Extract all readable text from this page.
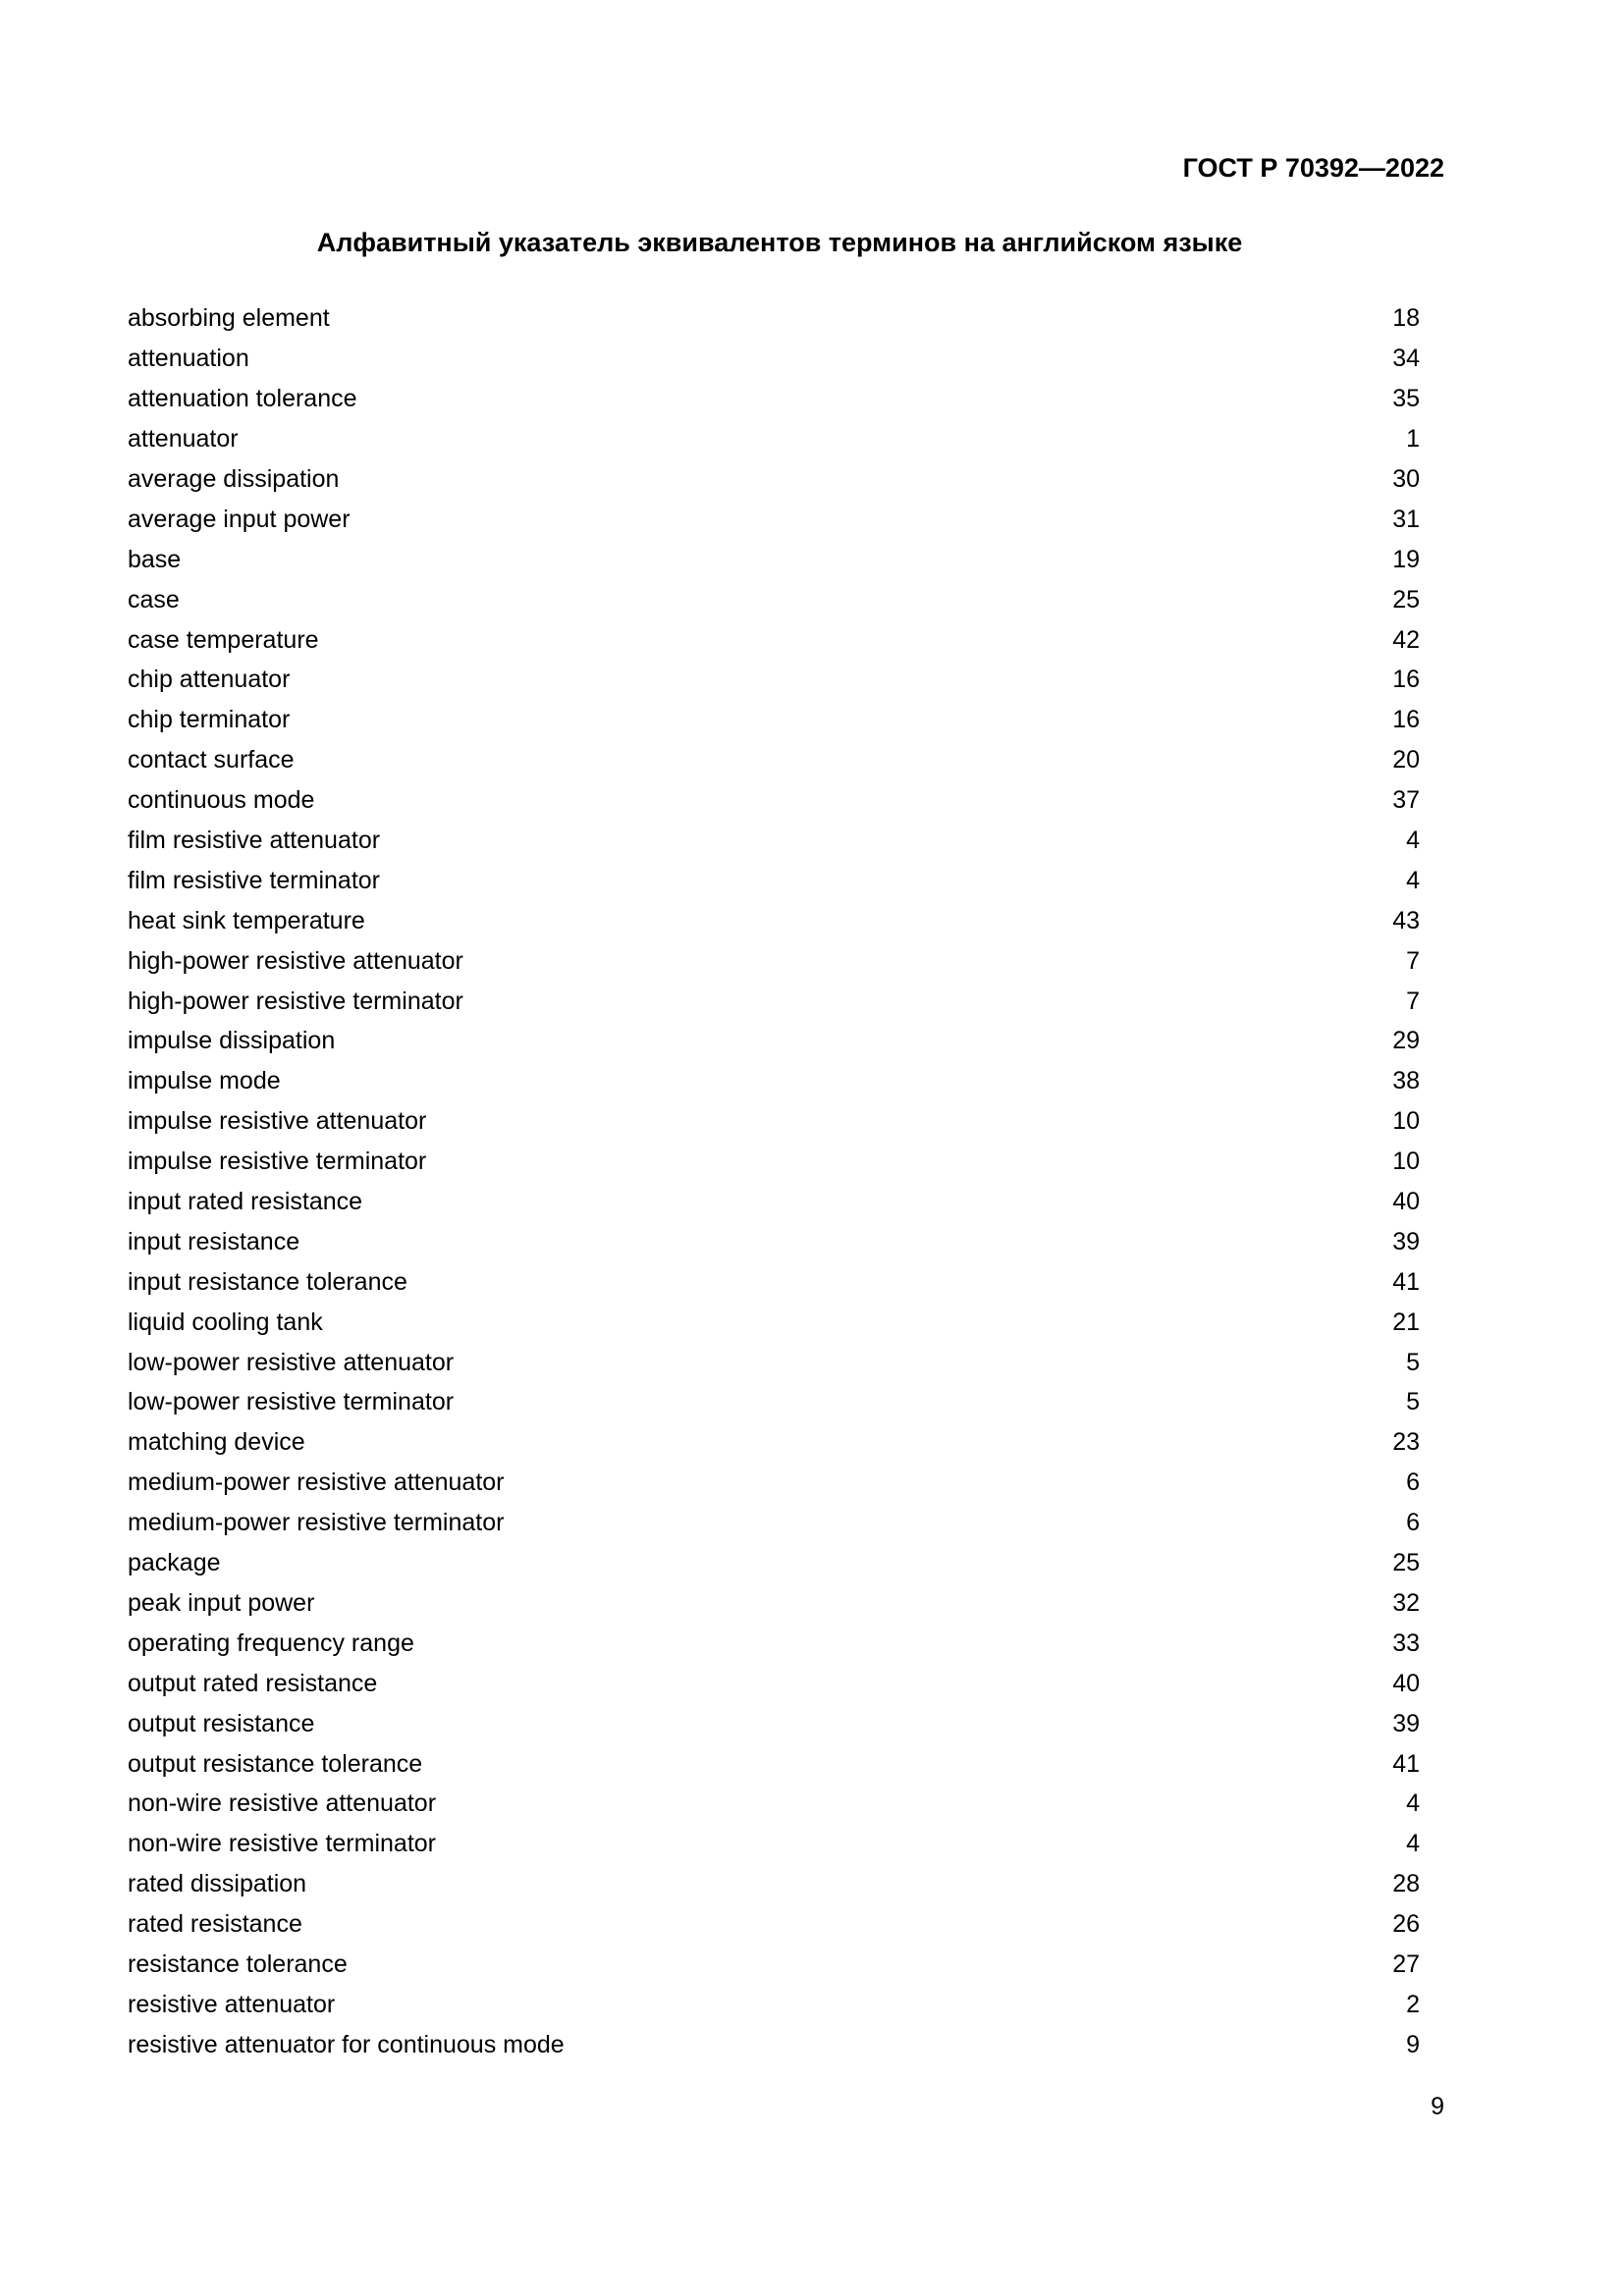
ГОСТ Р 70392—2022
Алфавитный указатель эквивалентов терминов на английском языке
absorbing element	18
attenuation	34
attenuation tolerance	35
attenuator	1
average dissipation	30
average input power	31
base	19
case	25
case temperature	42
chip attenuator	16
chip terminator	16
contact surface	20
continuous mode	37
film resistive attenuator	4
film resistive terminator	4
heat sink temperature	43
high-power resistive attenuator	7
high-power resistive terminator	7
impulse dissipation	29
impulse mode	38
impulse resistive attenuator	10
impulse resistive terminator	10
input rated resistance	40
input resistance	39
input resistance tolerance	41
liquid cooling tank	21
low-power resistive attenuator	5
low-power resistive terminator	5
matching device	23
medium-power resistive attenuator	6
medium-power resistive terminator	6
package	25
peak input power	32
operating frequency range	33
output rated resistance	40
output resistance	39
output resistance tolerance	41
non-wire resistive attenuator	4
non-wire resistive terminator	4
rated dissipation	28
rated resistance	26
resistance tolerance	27
resistive attenuator	2
resistive attenuator for continuous mode	9
9
